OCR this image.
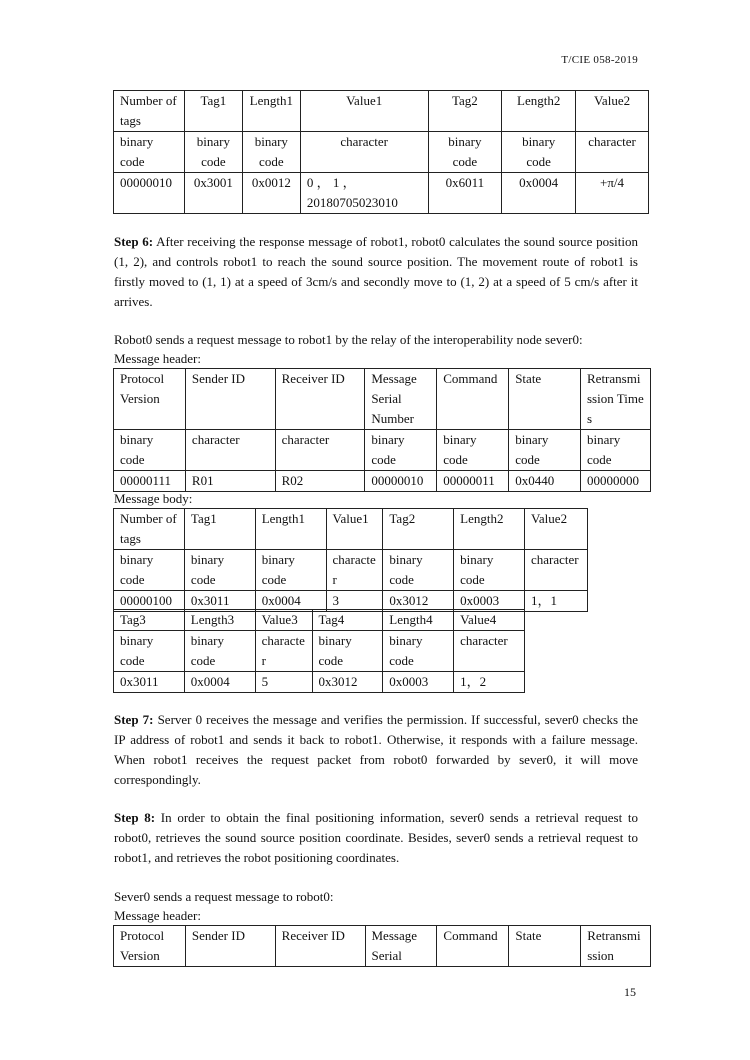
T/CIE 058-2019
Number of tags	Tag1	Length1	Value1	Tag2	Length2	Value2
binary code	binary code	binary code	character	binary code	binary code	character
00000010	0x3001	0x0012	0 ， 1 ， 20180705023010	0x6011	0x0004	+π/4

Step 6: After receiving the response message of robot1, robot0 calculates the sound source position (1, 2), and controls robot1 to reach the sound source position. The movement route of robot1 is firstly moved to (1, 1) at a speed of 3cm/s and secondly move to (1, 2) at a speed of 5 cm/s after it arrives.

Robot0 sends a request message to robot1 by the relay of the interoperability node sever0:
Message header:
Protocol Version	Sender ID	Receiver ID	Message Serial Number	Command	State	Retransmission Times
binary code	character	character	binary code	binary code	binary code	binary code
00000111	R01	R02	00000010	00000011	0x0440	00000000
Message body:
Number of tags	Tag1	Length1	Value1	Tag2	Length2	Value2
binary code	binary code	binary code	character	binary code	binary code	character
00000100	0x3011	0x0004	3	0x3012	0x0003	1，1
Tag3	Length3	Value3	Tag4	Length4	Value4
binary code	binary code	character	binary code	binary code	character
0x3011	0x0004	5	0x3012	0x0003	1，2

Step 7: Server 0 receives the message and verifies the permission. If successful, sever0 checks the IP address of robot1 and sends it back to robot1. Otherwise, it responds with a failure message. When robot1 receives the request packet from robot0 forwarded by sever0, it will move correspondingly.

Step 8: In order to obtain the final positioning information, sever0 sends a retrieval request to robot0, retrieves the sound source position coordinate. Besides, sever0 sends a retrieval request to robot1, and retrieves the robot positioning coordinates.

Sever0 sends a request message to robot0:
Message header:
Protocol Version	Sender ID	Receiver ID	Message Serial	Command	State	Retransmission
15
